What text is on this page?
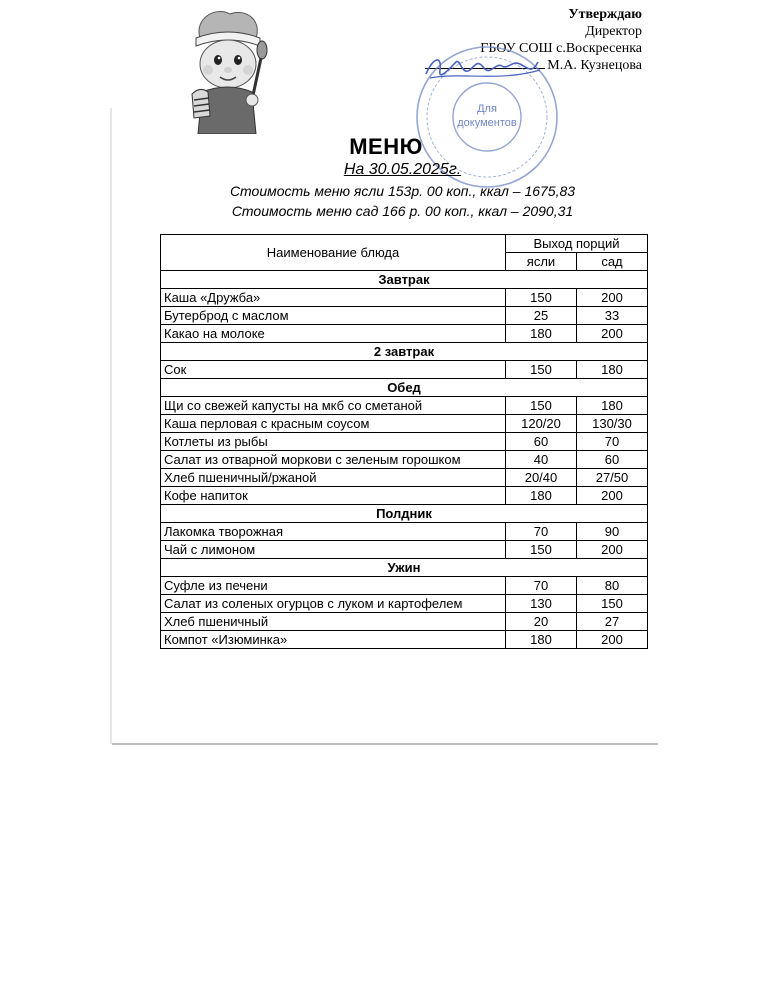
Утверждаю
Директор
ГБОУ СОШ с.Воскресенка
М.А. Кузнецова
Для
документов
МЕНЮ
На 30.05.2025г.
Стоимость меню ясли 153р. 00 коп., ккал – 1675,83
Стоимость меню сад 166 р. 00 коп., ккал – 2090,31
Наименование блюда	Выход порций	
	ясли	сад
Завтрак		
Каша «Дружба»	150	200
Бутерброд с маслом	25	33
Какао на молоке	180	200
2 завтрак		
Сок	150	180
Обед		
Щи со свежей капусты на мкб со сметаной	150	180
Каша перловая с красным соусом	120/20	130/30
Котлеты из рыбы	60	70
Салат из отварной моркови с зеленым горошком	40	60
Хлеб пшеничный/ржаной	20/40	27/50
Кофе напиток	180	200
Полдник		
Лакомка творожная	70	90
Чай с лимоном	150	200
Ужин		
Суфле из печени	70	80
Салат из соленых огурцов с луком и картофелем	130	150
Хлеб пшеничный	20	27
Компот «Изюминка»	180	200
